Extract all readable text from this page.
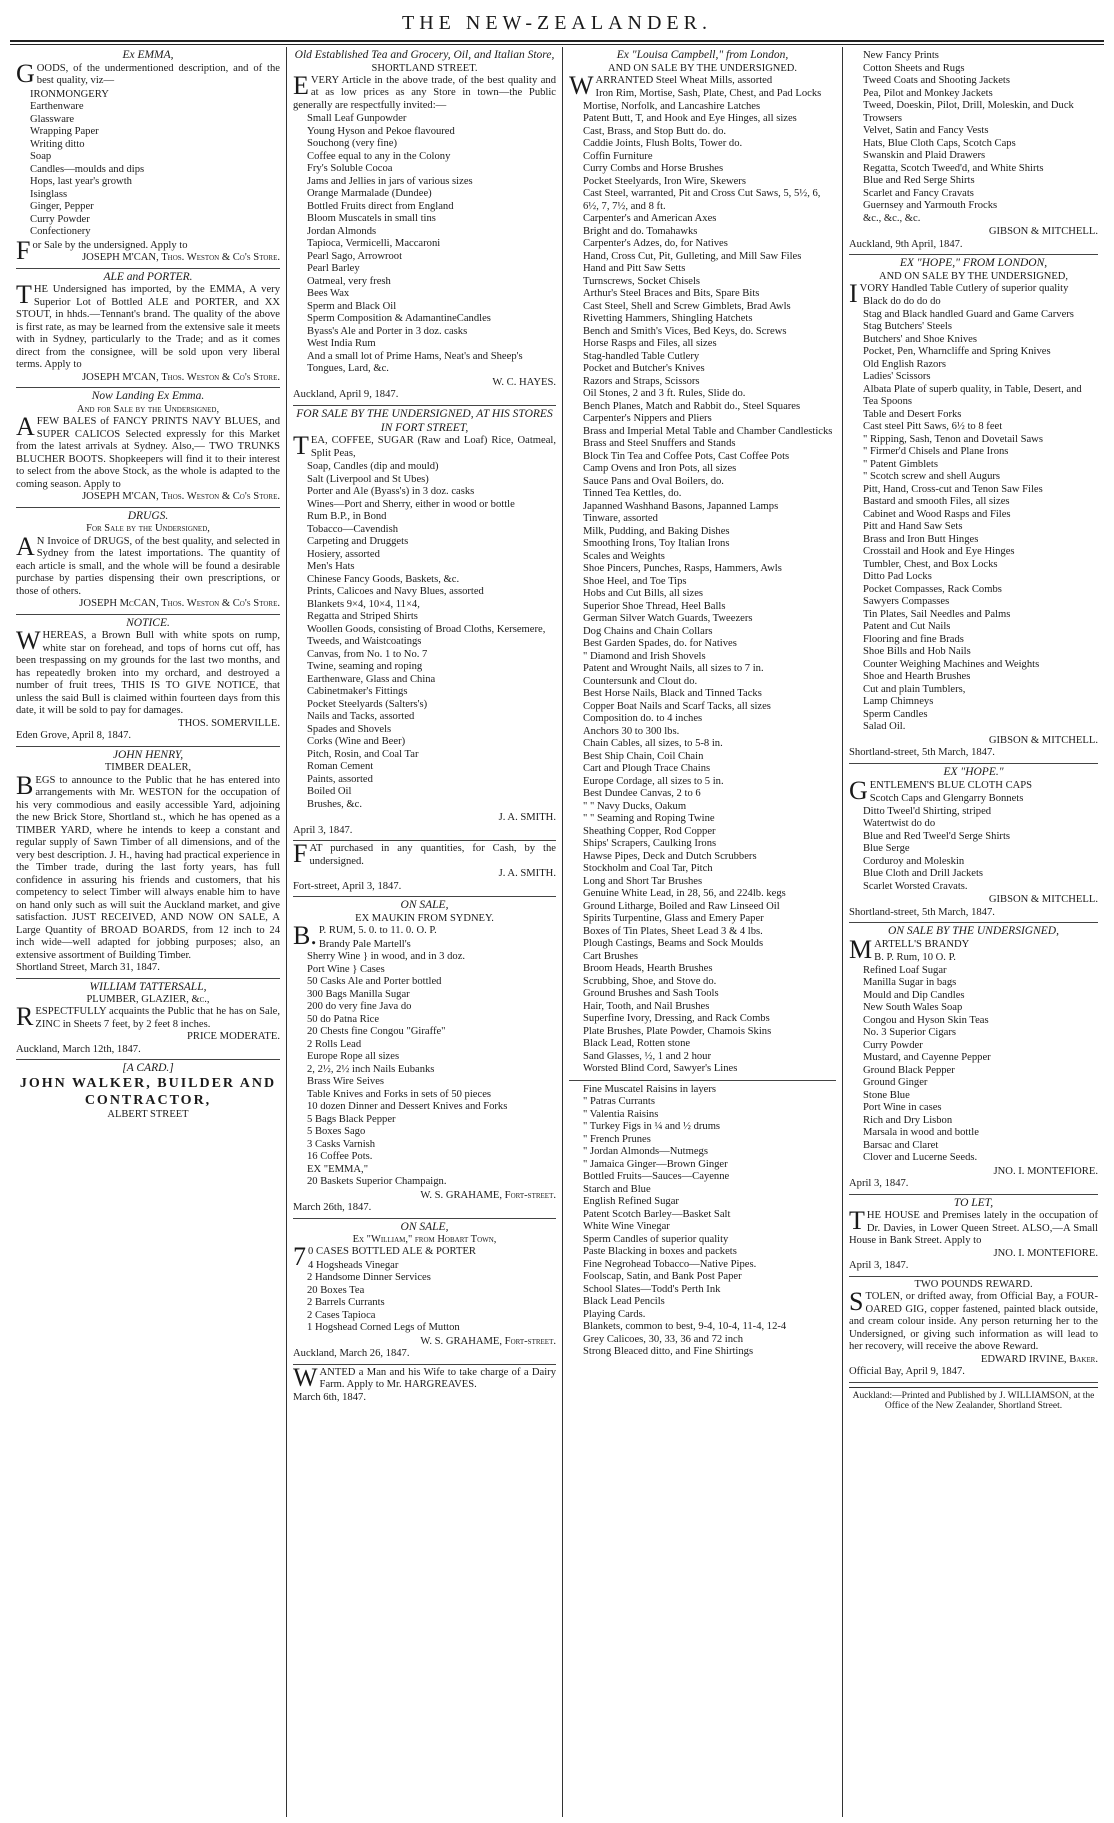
THE NEW-ZEALANDER.

Ex EMMA,

GOODS, of the undermentioned description, and of the best quality, viz—

IRONMONGERY
Earthenware
Glassware
Wrapping Paper
Writing ditto
Soap
Candles—moulds and dips
Hops, last year's growth
Isinglass
Ginger, Pepper
Curry Powder
Confectionery

For Sale by the undersigned. Apply to

JOSEPH M'CAN, Thos. Weston & Co's Store.

ALE and PORTER.

THE Undersigned has imported, by the EMMA, A very Superior Lot of Bottled ALE and PORTER, and XX STOUT, in hhds.—Tennant's brand. The quality of the above is first rate, as may be learned from the extensive sale it meets with in Sydney, particularly to the Trade; and as it comes direct from the consignee, will be sold upon very liberal terms. Apply to

JOSEPH M'CAN, Thos. Weston & Co's Store.

Now Landing Ex Emma.

And for Sale by the Undersigned,

AFEW BALES of FANCY PRINTS NAVY BLUES, and SUPER CALICOS Selected expressly for this Market from the latest arrivals at Sydney. Also,— TWO TRUNKS BLUCHER BOOTS. Shopkeepers will find it to their interest to select from the above Stock, as the whole is adapted to the coming season. Apply to

JOSEPH M'CAN, Thos. Weston & Co's Store.

DRUGS.

For Sale by the Undersigned,

AN Invoice of DRUGS, of the best quality, and selected in Sydney from the latest importations. The quantity of each article is small, and the whole will be found a desirable purchase by parties dispensing their own prescriptions, or those of others.

JOSEPH McCAN, Thos. Weston & Co's Store.

NOTICE.

WHEREAS, a Brown Bull with white spots on rump, white star on forehead, and tops of horns cut off, has been trespassing on my grounds for the last two months, and has repeatedly broken into my orchard, and destroyed a number of fruit trees, THIS IS TO GIVE NOTICE, that unless the said Bull is claimed within fourteen days from this date, it will be sold to pay for damages.

THOS. SOMERVILLE.

Eden Grove, April 8, 1847.

JOHN HENRY,

TIMBER DEALER,

BEGS to announce to the Public that he has entered into arrangements with Mr. WESTON for the occupation of his very commodious and easily accessible Yard, adjoining the new Brick Store, Shortland st., which he has opened as a TIMBER YARD, where he intends to keep a constant and regular supply of Sawn Timber of all dimensions, and of the very best description. J. H., having had practical experience in the Timber trade, during the last forty years, has full confidence in assuring his friends and customers, that his competency to select Timber will always enable him to have on hand only such as will suit the Auckland market, and give satisfaction. JUST RECEIVED, AND NOW ON SALE, A Large Quantity of BROAD BOARDS, from 12 inch to 24 inch wide—well adapted for jobbing purposes; also, an extensive assortment of Building Timber.

Shortland Street, March 31, 1847.

WILLIAM TATTERSALL,

PLUMBER, GLAZIER, &c.,

RESPECTFULLY acquaints the Public that he has on Sale, ZINC in Sheets 7 feet, by 2 feet 8 inches.

PRICE MODERATE.

Auckland, March 12th, 1847.

[A CARD.]

JOHN WALKER, BUILDER AND CONTRACTOR,

ALBERT STREET

Old Established Tea and Grocery, Oil, and Italian Store,

SHORTLAND STREET.

EVERY Article in the above trade, of the best quality and at as low prices as any Store in town—the Public generally are respectfully invited:—

Small Leaf Gunpowder
Young Hyson and Pekoe flavoured
Souchong (very fine)
Coffee equal to any in the Colony
Fry's Soluble Cocoa
Jams and Jellies in jars of various sizes
Orange Marmalade (Dundee)
Bottled Fruits direct from England
Bloom Muscatels in small tins
Jordan Almonds
Tapioca, Vermicelli, Maccaroni
Pearl Sago, Arrowroot
Pearl Barley
Oatmeal, very fresh
Bees Wax
Sperm and Black Oil
Sperm Composition & AdamantineCandles
Byass's Ale and Porter in 3 doz. casks
West India Rum
And a small lot of Prime Hams, Neat's and Sheep's Tongues, Lard, &c.

W. C. HAYES.

Auckland, April 9, 1847.

FOR SALE BY THE UNDERSIGNED, AT HIS STORES IN FORT STREET,

TEA, COFFEE, SUGAR (Raw and Loaf) Rice, Oatmeal, Split Peas,

Soap, Candles (dip and mould)
Salt (Liverpool and St Ubes)
Porter and Ale (Byass's) in 3 doz. casks
Wines—Port and Sherry, either in wood or bottle
Rum B.P., in Bond
Tobacco—Cavendish
Carpeting and Druggets
Hosiery, assorted
Men's Hats
Chinese Fancy Goods, Baskets, &c.
Prints, Calicoes and Navy Blues, assorted
Blankets 9×4, 10×4, 11×4,
Regatta and Striped Shirts
Woollen Goods, consisting of Broad Cloths, Kersemere, Tweeds, and Waistcoatings
Canvas, from No. 1 to No. 7
Twine, seaming and roping
Earthenware, Glass and China
Cabinetmaker's Fittings
Pocket Steelyards (Salters's)
Nails and Tacks, assorted
Spades and Shovels
Corks (Wine and Beer)
Pitch, Rosin, and Coal Tar
Roman Cement
Paints, assorted
Boiled Oil
Brushes, &c.

J. A. SMITH.

April 3, 1847.

FAT purchased in any quantities, for Cash, by the undersigned.

J. A. SMITH.

Fort-street, April 3, 1847.

ON SALE,

EX MAUKIN FROM SYDNEY.

B.P. RUM, 5. 0. to 11. 0. O. P.

Brandy Pale Martell's
Sherry Wine } in wood, and in 3 doz.
Port Wine } Cases
50 Casks Ale and Porter bottled
300 Bags Manilla Sugar
200 do very fine Java do
50 do Patna Rice
20 Chests fine Congou "Giraffe"
2 Rolls Lead
Europe Rope all sizes
2, 2½, 2½ inch Nails Eubanks
Brass Wire Seives
Table Knives and Forks in sets of 50 pieces
10 dozen Dinner and Dessert Knives and Forks
5 Bags Black Pepper
5 Boxes Sago
3 Casks Varnish
16 Coffee Pots.
EX "EMMA,"
20 Baskets Superior Champaign.

W. S. GRAHAME, Fort-street.

March 26th, 1847.

ON SALE,

Ex "William," from Hobart Town,

70 CASES BOTTLED ALE & PORTER

4 Hogsheads Vinegar
2 Handsome Dinner Services
20 Boxes Tea
2 Barrels Currants
2 Cases Tapioca
1 Hogshead Corned Legs of Mutton

W. S. GRAHAME, Fort-street.

Auckland, March 26, 1847.

WANTED a Man and his Wife to take charge of a Dairy Farm. Apply to Mr. HARGREAVES.

March 6th, 1847.

Ex "Louisa Campbell," from London,

AND ON SALE BY THE UNDERSIGNED.

WARRANTED Steel Wheat Mills, assorted

Iron Rim, Mortise, Sash, Plate, Chest, and Pad Locks
Mortise, Norfolk, and Lancashire Latches
Patent Butt, T, and Hook and Eye Hinges, all sizes
Cast, Brass, and Stop Butt do. do.
Caddie Joints, Flush Bolts, Tower do.
Coffin Furniture
Curry Combs and Horse Brushes
Pocket Steelyards, Iron Wire, Skewers
Cast Steel, warranted, Pit and Cross Cut Saws, 5, 5½, 6, 6½, 7, 7½, and 8 ft.
Carpenter's and American Axes
Bright and do. Tomahawks
Carpenter's Adzes, do, for Natives
Hand, Cross Cut, Pit, Gulleting, and Mill Saw Files
Hand and Pitt Saw Setts
Turnscrews, Socket Chisels
Arthur's Steel Braces and Bits, Spare Bits
Cast Steel, Shell and Screw Gimblets, Brad Awls
Rivetting Hammers, Shingling Hatchets
Bench and Smith's Vices, Bed Keys, do. Screws
Horse Rasps and Files, all sizes
Stag-handled Table Cutlery
Pocket and Butcher's Knives
Razors and Straps, Scissors
Oil Stones, 2 and 3 ft. Rules, Slide do.
Bench Planes, Match and Rabbit do., Steel Squares
Carpenter's Nippers and Pliers
Brass and Imperial Metal Table and Chamber Candlesticks
Brass and Steel Snuffers and Stands
Block Tin Tea and Coffee Pots, Cast Coffee Pots
Camp Ovens and Iron Pots, all sizes
Sauce Pans and Oval Boilers, do.
Tinned Tea Kettles, do.
Japanned Washhand Basons, Japanned Lamps
Tinware, assorted
Milk, Pudding, and Baking Dishes
Smoothing Irons, Toy Italian Irons
Scales and Weights
Shoe Pincers, Punches, Rasps, Hammers, Awls
Shoe Heel, and Toe Tips
Hobs and Cut Bills, all sizes
Superior Shoe Thread, Heel Balls
German Silver Watch Guards, Tweezers
Dog Chains and Chain Collars
Best Garden Spades, do. for Natives
" Diamond and Irish Shovels
Patent and Wrought Nails, all sizes to 7 in.
Countersunk and Clout do.
Best Horse Nails, Black and Tinned Tacks
Copper Boat Nails and Scarf Tacks, all sizes
Composition do. to 4 inches
Anchors 30 to 300 lbs.
Chain Cables, all sizes, to 5-8 in.
Best Ship Chain, Coil Chain
Cart and Plough Trace Chains
Europe Cordage, all sizes to 5 in.
Best Dundee Canvas, 2 to 6
" " Navy Ducks, Oakum
" " Seaming and Roping Twine
Sheathing Copper, Rod Copper
Ships' Scrapers, Caulking Irons
Hawse Pipes, Deck and Dutch Scrubbers
Stockholm and Coal Tar, Pitch
Long and Short Tar Brushes
Genuine White Lead, in 28, 56, and 224lb. kegs
Ground Litharge, Boiled and Raw Linseed Oil
Spirits Turpentine, Glass and Emery Paper
Boxes of Tin Plates, Sheet Lead 3 & 4 lbs.
Plough Castings, Beams and Sock Moulds
Cart Brushes
Broom Heads, Hearth Brushes
Scrubbing, Shoe, and Stove do.
Ground Brushes and Sash Tools
Hair, Tooth, and Nail Brushes
Superfine Ivory, Dressing, and Rack Combs
Plate Brushes, Plate Powder, Chamois Skins
Black Lead, Rotten stone
Sand Glasses, ½, 1 and 2 hour
Worsted Blind Cord, Sawyer's Lines
Fine Muscatel Raisins in layers
" Patras Currants
" Valentia Raisins
" Turkey Figs in ¼ and ½ drums
" French Prunes
" Jordan Almonds—Nutmegs
" Jamaica Ginger—Brown Ginger
Bottled Fruits—Sauces—Cayenne
Starch and Blue
English Refined Sugar
Patent Scotch Barley—Basket Salt
White Wine Vinegar
Sperm Candles of superior quality
Paste Blacking in boxes and packets
Fine Negrohead Tobacco—Native Pipes.
Foolscap, Satin, and Bank Post Paper
School Slates—Todd's Perth Ink
Black Lead Pencils
Playing Cards.
Blankets, common to best, 9-4, 10-4, 11-4, 12-4
Grey Calicoes, 30, 33, 36 and 72 inch
Strong Bleaced ditto, and Fine Shirtings
New Fancy Prints
Cotton Sheets and Rugs
Tweed Coats and Shooting Jackets
Pea, Pilot and Monkey Jackets
Tweed, Doeskin, Pilot, Drill, Moleskin, and Duck Trowsers
Velvet, Satin and Fancy Vests
Hats, Blue Cloth Caps, Scotch Caps
Swanskin and Plaid Drawers
Regatta, Scotch Tweed'd, and White Shirts
Blue and Red Serge Shirts
Scarlet and Fancy Cravats
Guernsey and Yarmouth Frocks
&c., &c., &c.

GIBSON & MITCHELL.

Auckland, 9th April, 1847.

EX "HOPE," FROM LONDON,

AND ON SALE BY THE UNDERSIGNED,

IVORY Handled Table Cutlery of superior quality

Black do do do do
Stag and Black handled Guard and Game Carvers
Stag Butchers' Steels
Butchers' and Shoe Knives
Pocket, Pen, Wharncliffe and Spring Knives
Old English Razors
Ladies' Scissors
Albata Plate of superb quality, in Table, Desert, and Tea Spoons
Table and Desert Forks
Cast steel Pitt Saws, 6½ to 8 feet
" Ripping, Sash, Tenon and Dovetail Saws
" Firmer'd Chisels and Plane Irons
" Patent Gimblets
" Scotch screw and shell Augurs
Pitt, Hand, Cross-cut and Tenon Saw Files
Bastard and smooth Files, all sizes
Cabinet and Wood Rasps and Files
Pitt and Hand Saw Sets
Brass and Iron Butt Hinges
Crosstail and Hook and Eye Hinges
Tumbler, Chest, and Box Locks
Ditto Pad Locks
Pocket Compasses, Rack Combs
Sawyers Compasses
Tin Plates, Sail Needles and Palms
Patent and Cut Nails
Flooring and fine Brads
Shoe Bills and Hob Nails
Counter Weighing Machines and Weights
Shoe and Hearth Brushes
Cut and plain Tumblers,
Lamp Chimneys
Sperm Candles
Salad Oil.

GIBSON & MITCHELL.

Shortland-street, 5th March, 1847.

EX "HOPE."

GENTLEMEN'S BLUE CLOTH CAPS

Scotch Caps and Glengarry Bonnets
Ditto Tweel'd Shirting, striped
Watertwist do do
Blue and Red Tweel'd Serge Shirts
Blue Serge
Corduroy and Moleskin
Blue Cloth and Drill Jackets
Scarlet Worsted Cravats.

GIBSON & MITCHELL.

Shortland-street, 5th March, 1847.

ON SALE BY THE UNDERSIGNED,

MARTELL'S BRANDY

B. P. Rum, 10 O. P.
Refined Loaf Sugar
Manilla Sugar in bags
Mould and Dip Candles
New South Wales Soap
Congou and Hyson Skin Teas
No. 3 Superior Cigars
Curry Powder
Mustard, and Cayenne Pepper
Ground Black Pepper
Ground Ginger
Stone Blue
Port Wine in cases
Rich and Dry Lisbon
Marsala in wood and bottle
Barsac and Claret
Clover and Lucerne Seeds.

JNO. I. MONTEFIORE.

April 3, 1847.

TO LET,

THE HOUSE and Premises lately in the occupation of Dr. Davies, in Lower Queen Street. ALSO,—A Small House in Bank Street. Apply to

JNO. I. MONTEFIORE.

April 3, 1847.

TWO POUNDS REWARD.

STOLEN, or drifted away, from Official Bay, a FOUR-OARED GIG, copper fastened, painted black outside, and cream colour inside. Any person returning her to the Undersigned, or giving such information as will lead to her recovery, will receive the above Reward.

EDWARD IRVINE, Baker.

Official Bay, April 9, 1847.

Auckland:—Printed and Published by J. WILLIAMSON, at the Office of the New Zealander, Shortland Street.
